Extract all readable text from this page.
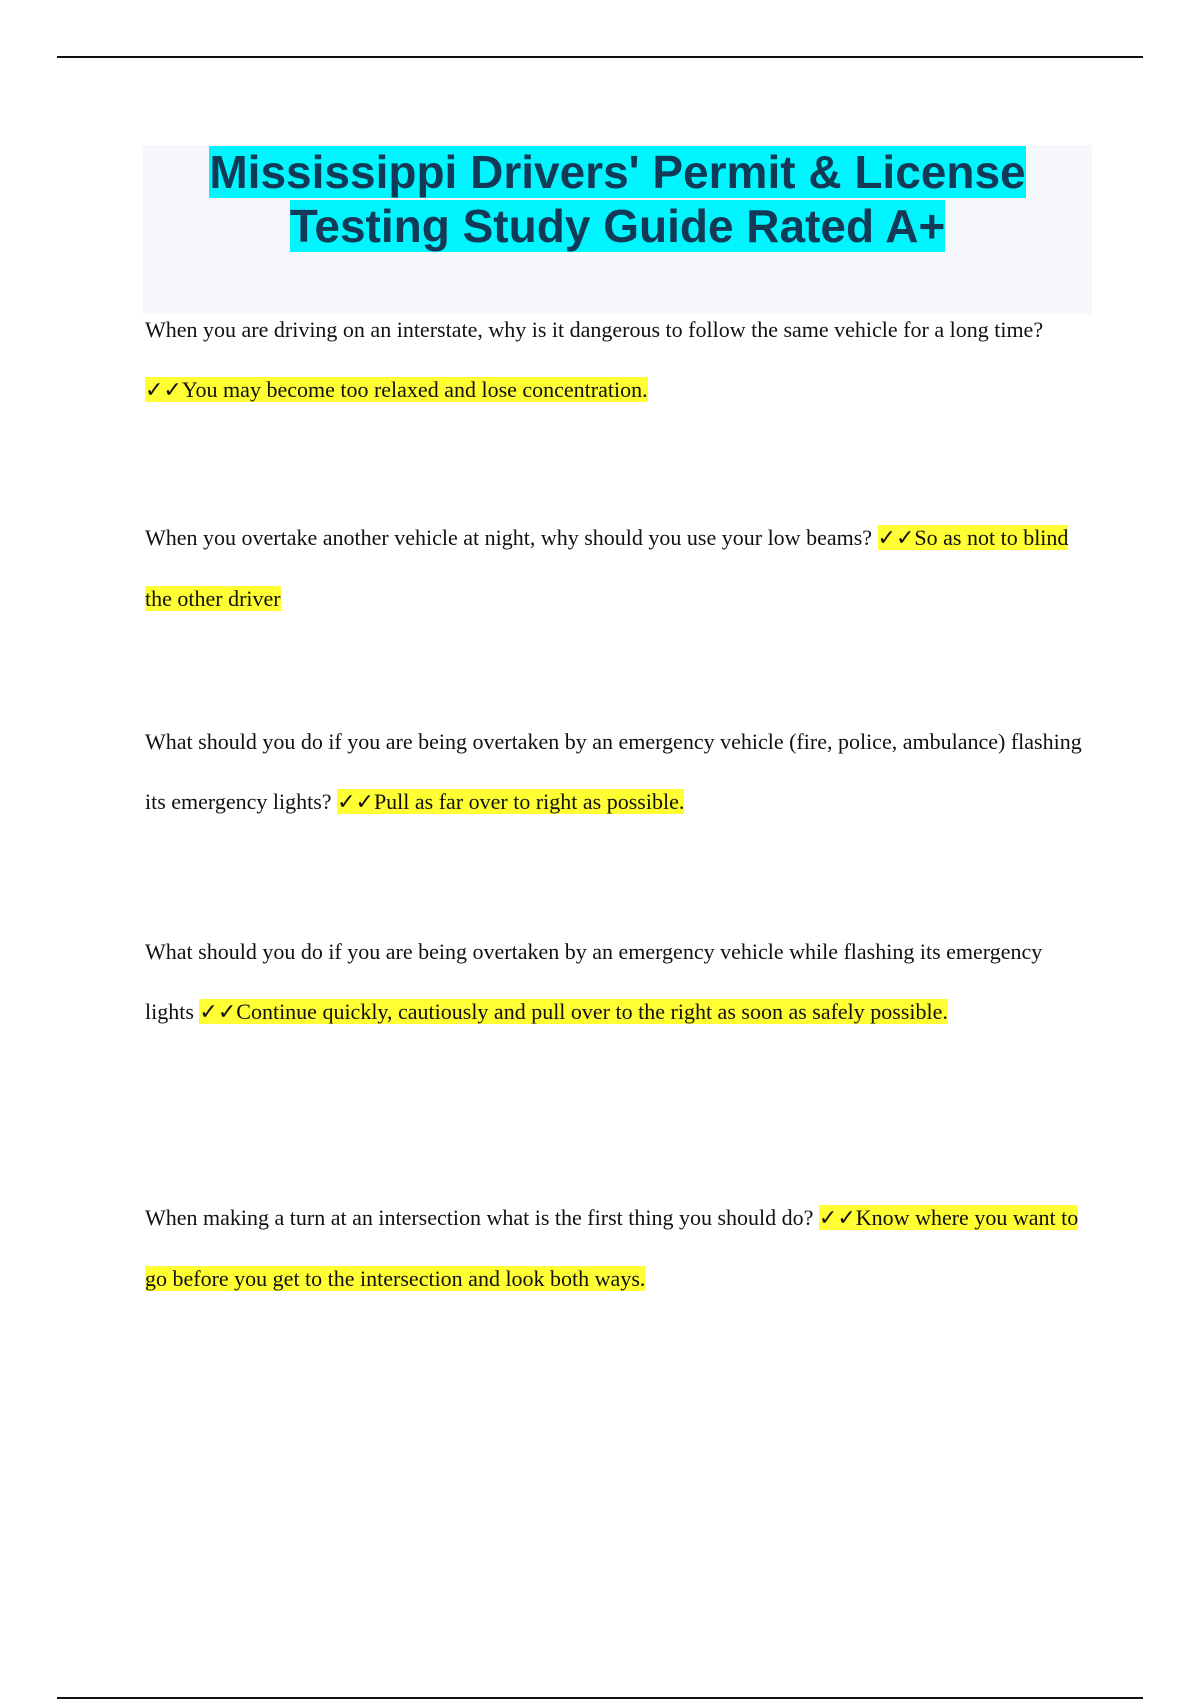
Mississippi Drivers' Permit & License Testing Study Guide Rated A+
When you are driving on an interstate, why is it dangerous to follow the same vehicle for a long time? ✓✓You may become too relaxed and lose concentration.
When you overtake another vehicle at night, why should you use your low beams? ✓✓So as not to blind the other driver
What should you do if you are being overtaken by an emergency vehicle (fire, police, ambulance) flashing its emergency lights? ✓✓Pull as far over to right as possible.
What should you do if you are being overtaken by an emergency vehicle while flashing its emergency lights ✓✓Continue quickly, cautiously and pull over to the right as soon as safely possible.
When making a turn at an intersection what is the first thing you should do? ✓✓Know where you want to go before you get to the intersection and look both ways.
